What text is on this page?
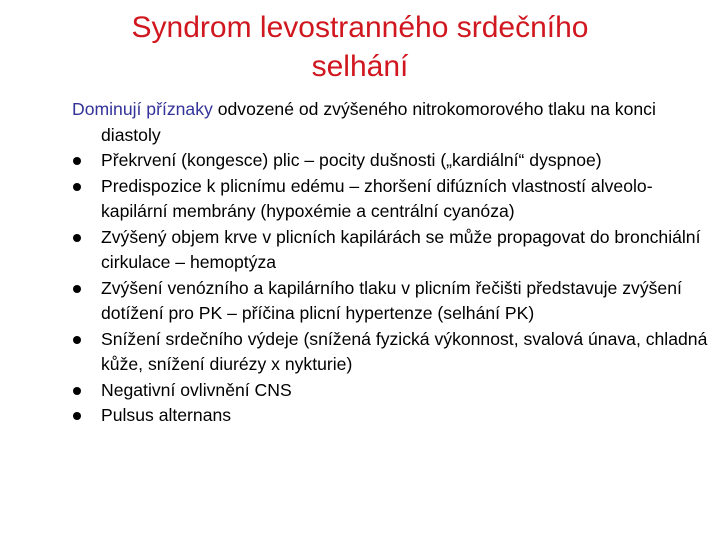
Syndrom levostranného srdečního
selhání

Dominují příznaky odvozené od zvýšeného nitrokomorového tlaku na konci diastoly

Překrvení (kongesce) plic – pocity dušnosti („kardiální“ dyspnoe)
Predispozice k plicnímu edému – zhoršení difúzních vlastností alveolo-kapilární membrány (hypoxémie a centrální cyanóza)
Zvýšený objem krve v plicních kapilárách se může propagovat do bronchiální cirkulace – hemoptýza
Zvýšení venózního a kapilárního tlaku v plicním řečišti představuje zvýšení dotížení pro PK – příčina plicní hypertenze (selhání PK)
Snížení srdečního výdeje (snížená fyzická výkonnost, svalová únava, chladná kůže, snížení diurézy x nykturie)
Negativní ovlivnění CNS
Pulsus alternans
